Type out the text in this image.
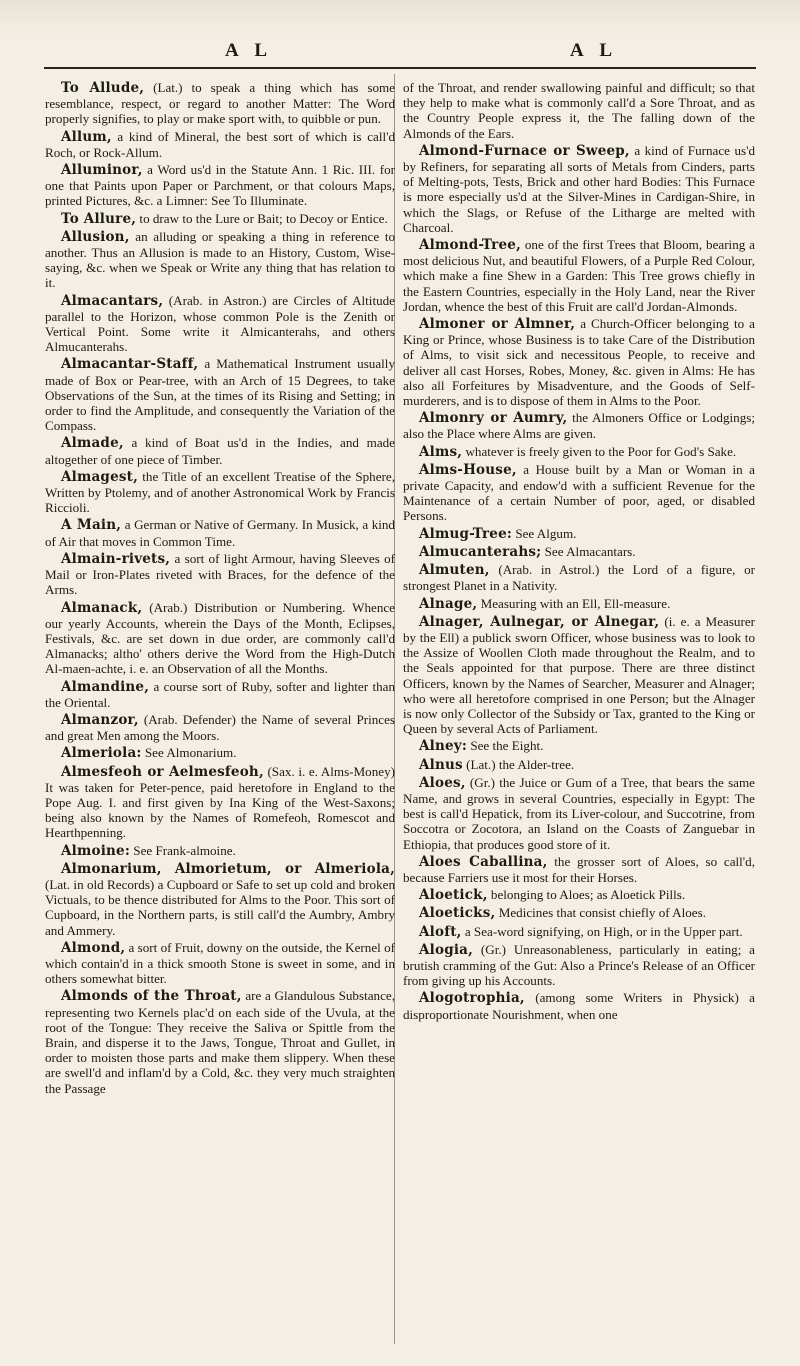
A L	A L

To Allude, (Lat.) to speak a thing which has some resemblance, respect, or regard to another Matter: The Word properly signifies, to play or make sport with, to quibble or pun.

Allum, a kind of Mineral, the best sort of which is call'd Roch, or Rock-Allum.

Alluminor, a Word us'd in the Statute Ann. 1 Ric. III. for one that Paints upon Paper or Parchment, or that colours Maps, printed Pictures, &c. a Limner: See To Illuminate.

To Allure, to draw to the Lure or Bait; to Decoy or Entice.

Allusion, an alluding or speaking a thing in reference to another. Thus an Allusion is made to an History, Custom, Wise-saying, &c. when we Speak or Write any thing that has relation to it.

Almacantars, (Arab. in Astron.) are Circles of Altitude parallel to the Horizon, whose common Pole is the Zenith or Vertical Point. Some write it Almicanterahs, and others Almucanterahs.

Almacantar-Staff, a Mathematical Instrument usually made of Box or Pear-tree, with an Arch of 15 Degrees, to take Observations of the Sun, at the times of its Rising and Setting; in order to find the Amplitude, and consequently the Variation of the Compass.

Almade, a kind of Boat us'd in the Indies, and made altogether of one piece of Timber.

Almagest, the Title of an excellent Treatise of the Sphere, Written by Ptolemy, and of another Astronomical Work by Francis Riccioli.

A Main, a German or Native of Germany. In Musick, a kind of Air that moves in Common Time.

Almain-rivets, a sort of light Armour, having Sleeves of Mail or Iron-Plates riveted with Braces, for the defence of the Arms.

Almanack, (Arab.) Distribution or Numbering. Whence our yearly Accounts, wherein the Days of the Month, Eclipses, Festivals, &c. are set down in due order, are commonly call'd Almanacks; altho' others derive the Word from the High-Dutch Al-maen-achte, i. e. an Observation of all the Months.

Almandine, a course sort of Ruby, softer and lighter than the Oriental.

Almanzor, (Arab. Defender) the Name of several Princes and great Men among the Moors.

Almeriola: See Almonarium.

Almesfeoh or Aelmesfeoh, (Sax. i. e. Alms-Money) It was taken for Peter-pence, paid heretofore in England to the Pope Aug. I. and first given by Ina King of the West-Saxons; being also known by the Names of Romefeoh, Romescot and Hearthpenning.

Almoine: See Frank-almoine.

Almonarium, Almorietum, or Almeriola, (Lat. in old Records) a Cupboard or Safe to set up cold and broken Victuals, to be thence distributed for Alms to the Poor. This sort of Cupboard, in the Northern parts, is still call'd the Aumbry, Ambry and Ammery.

Almond, a sort of Fruit, downy on the outside, the Kernel of which contain'd in a thick smooth Stone is sweet in some, and in others somewhat bitter.

Almonds of the Throat, are a Glandulous Substance, representing two Kernels plac'd on each side of the Uvula, at the root of the Tongue: They receive the Saliva or Spittle from the Brain, and disperse it to the Jaws, Tongue, Throat and Gullet, in order to moisten those parts and make them slippery. When these are swell'd and inflam'd by a Cold, &c. they very much straighten the Passage

of the Throat, and render swallowing painful and difficult; so that they help to make what is commonly call'd a Sore Throat, and as the Country People express it, the The falling down of the Almonds of the Ears.

Almond-Furnace or Sweep, a kind of Furnace us'd by Refiners, for separating all sorts of Metals from Cinders, parts of Melting-pots, Tests, Brick and other hard Bodies: This Furnace is more especially us'd at the Silver-Mines in Cardigan-Shire, in which the Slags, or Refuse of the Litharge are melted with Charcoal.

Almond-Tree, one of the first Trees that Bloom, bearing a most delicious Nut, and beautiful Flowers, of a Purple Red Colour, which make a fine Shew in a Garden: This Tree grows chiefly in the Eastern Countries, especially in the Holy Land, near the River Jordan, whence the best of this Fruit are call'd Jordan-Almonds.

Almoner or Almner, a Church-Officer belonging to a King or Prince, whose Business is to take Care of the Distribution of Alms, to visit sick and necessitous People, to receive and deliver all cast Horses, Robes, Money, &c. given in Alms: He has also all Forfeitures by Misadventure, and the Goods of Self-murderers, and is to dispose of them in Alms to the Poor.

Almonry or Aumry, the Almoners Office or Lodgings; also the Place where Alms are given.

Alms, whatever is freely given to the Poor for God's Sake.

Alms-House, a House built by a Man or Woman in a private Capacity, and endow'd with a sufficient Revenue for the Maintenance of a certain Number of poor, aged, or disabled Persons.

Almug-Tree: See Algum.

Almucanterahs; See Almacantars.

Almuten, (Arab. in Astrol.) the Lord of a figure, or strongest Planet in a Nativity.

Alnage, Measuring with an Ell, Ell-measure.

Alnager, Aulnegar, or Alnegar, (i. e. a Measurer by the Ell) a publick sworn Officer, whose business was to look to the Assize of Woollen Cloth made throughout the Realm, and to the Seals appointed for that purpose. There are three distinct Officers, known by the Names of Searcher, Measurer and Alnager; who were all heretofore comprised in one Person; but the Alnager is now only Collector of the Subsidy or Tax, granted to the King or Queen by several Acts of Parliament.

Alney: See the Eight.

Alnus (Lat.) the Alder-tree.

Aloes, (Gr.) the Juice or Gum of a Tree, that bears the same Name, and grows in several Countries, especially in Egypt: The best is call'd Hepatick, from its Liver-colour, and Succotrine, from Soccotra or Zocotora, an Island on the Coasts of Zanguebar in Ethiopia, that produces good store of it.

Aloes Caballina, the grosser sort of Aloes, so call'd, because Farriers use it most for their Horses.

Aloetick, belonging to Aloes; as Aloetick Pills.

Aloeticks, Medicines that consist chiefly of Aloes.

Aloft, a Sea-word signifying, on High, or in the Upper part.

Alogia, (Gr.) Unreasonableness, particularly in eating; a brutish cramming of the Gut: Also a Prince's Release of an Officer from giving up his Accounts.

Alogotrophia, (among some Writers in Physick) a disproportionate Nourishment, when one
